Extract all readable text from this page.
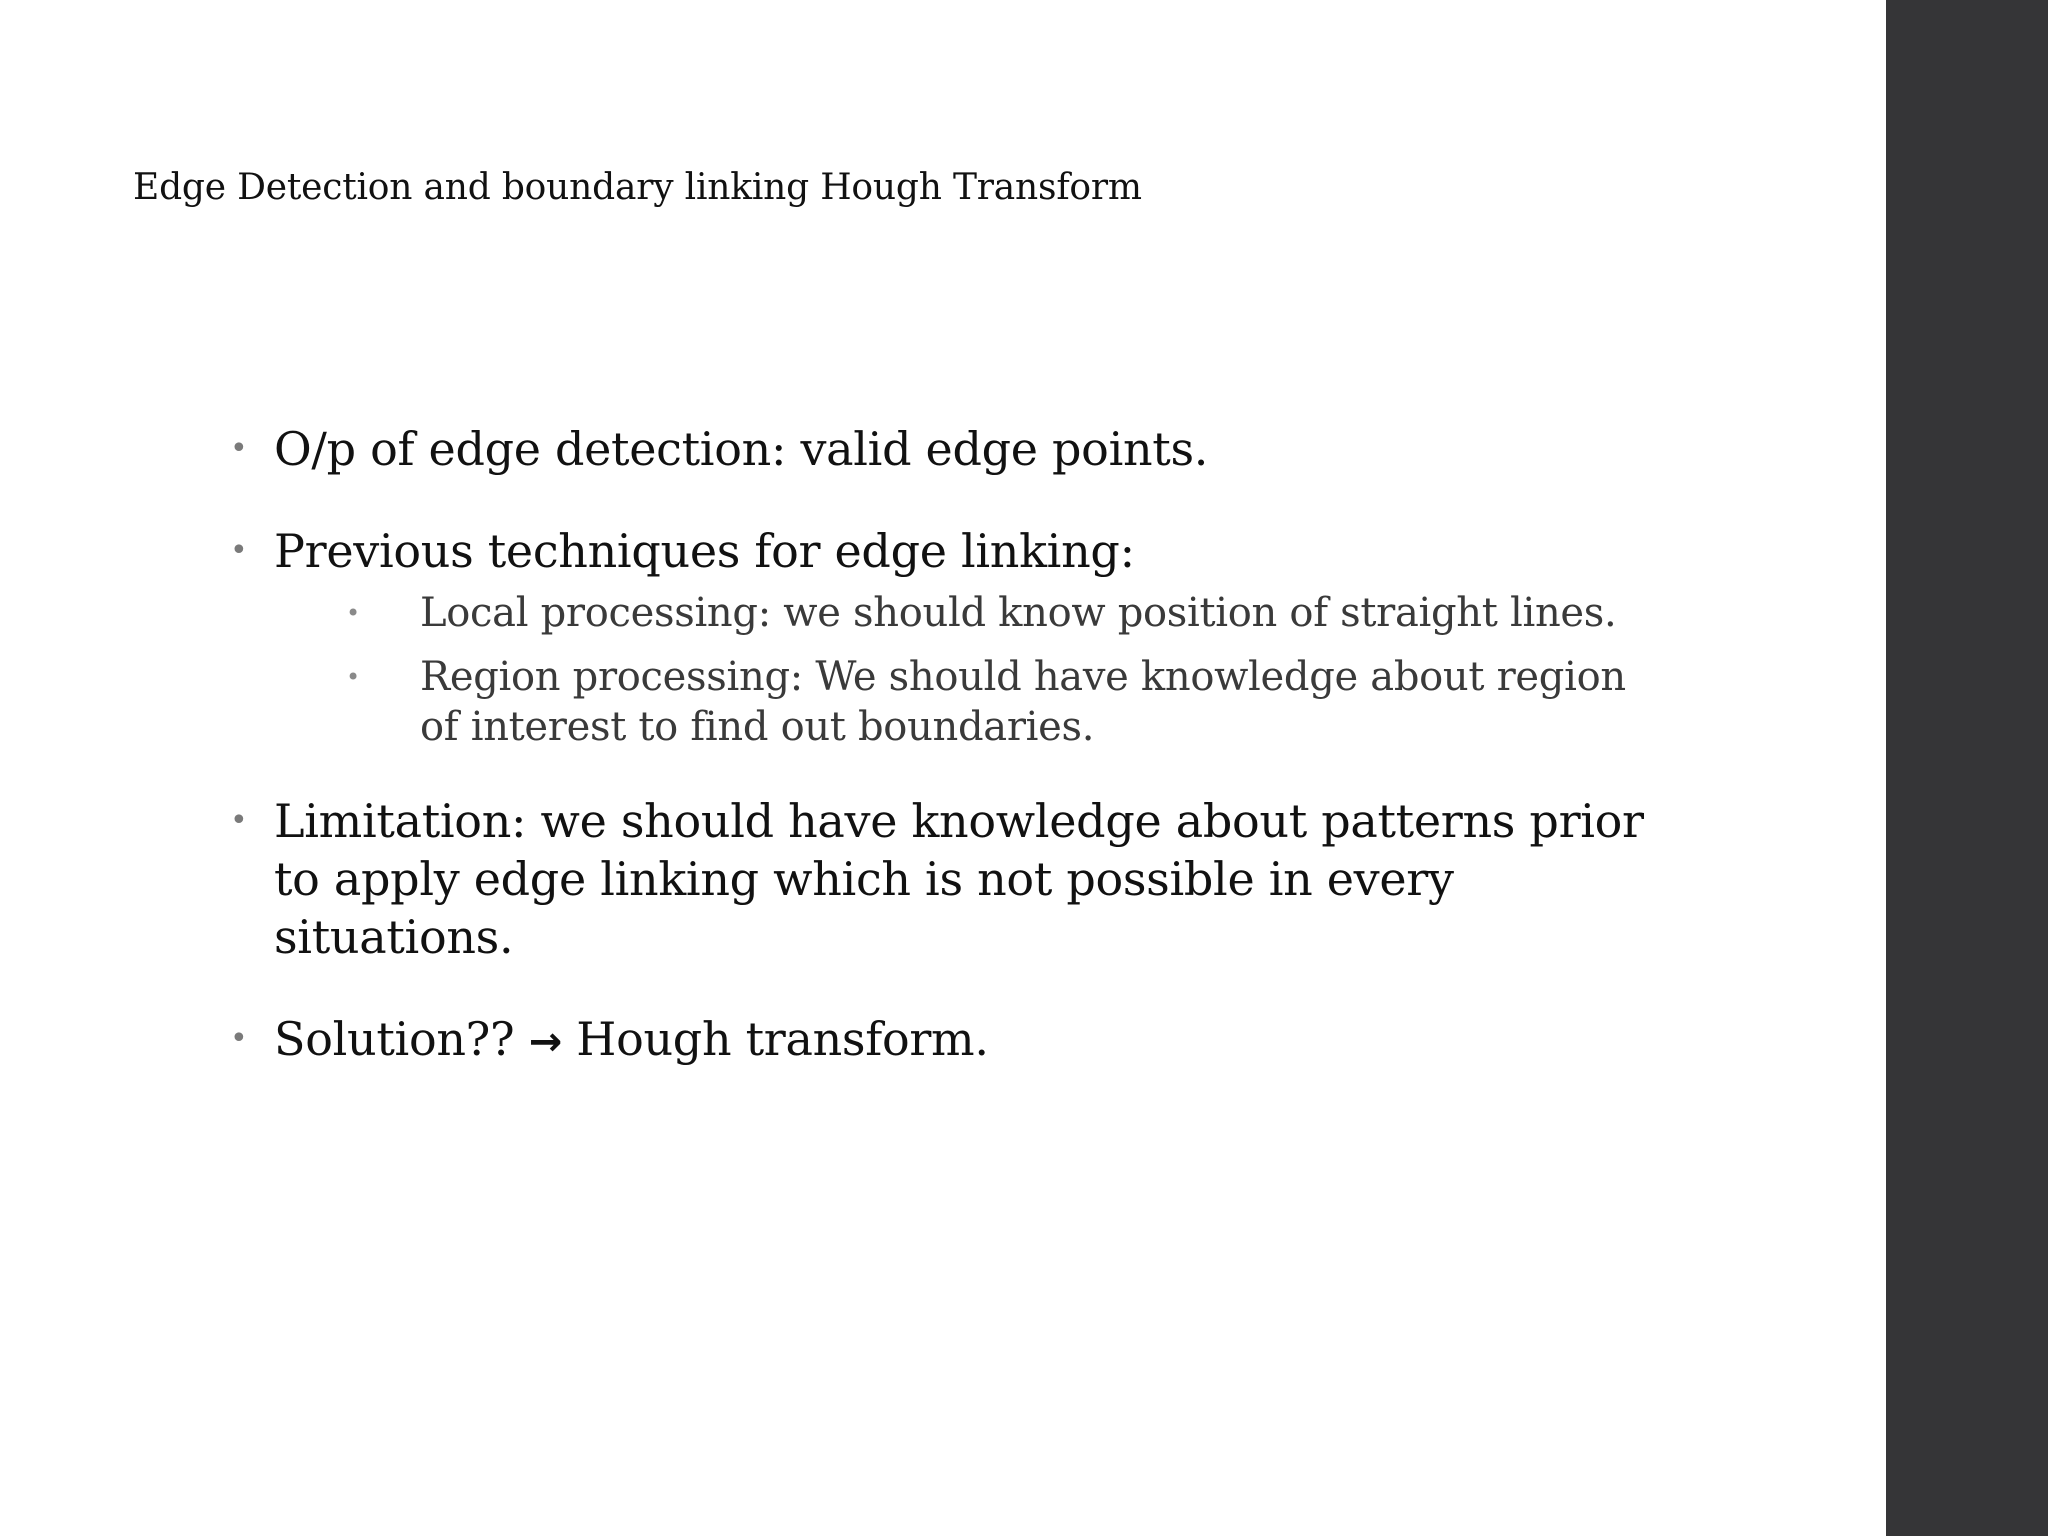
Edge Detection and boundary linking Hough Transform
• O/p of edge detection: valid edge points.
• Previous techniques for edge linking:
• Local processing: we should know position of straight lines.
• Region processing: We should have knowledge about region of interest to find out boundaries.
• Limitation: we should have knowledge about patterns prior to apply edge linking which is not possible in every situations.
• Solution?? → Hough transform.
